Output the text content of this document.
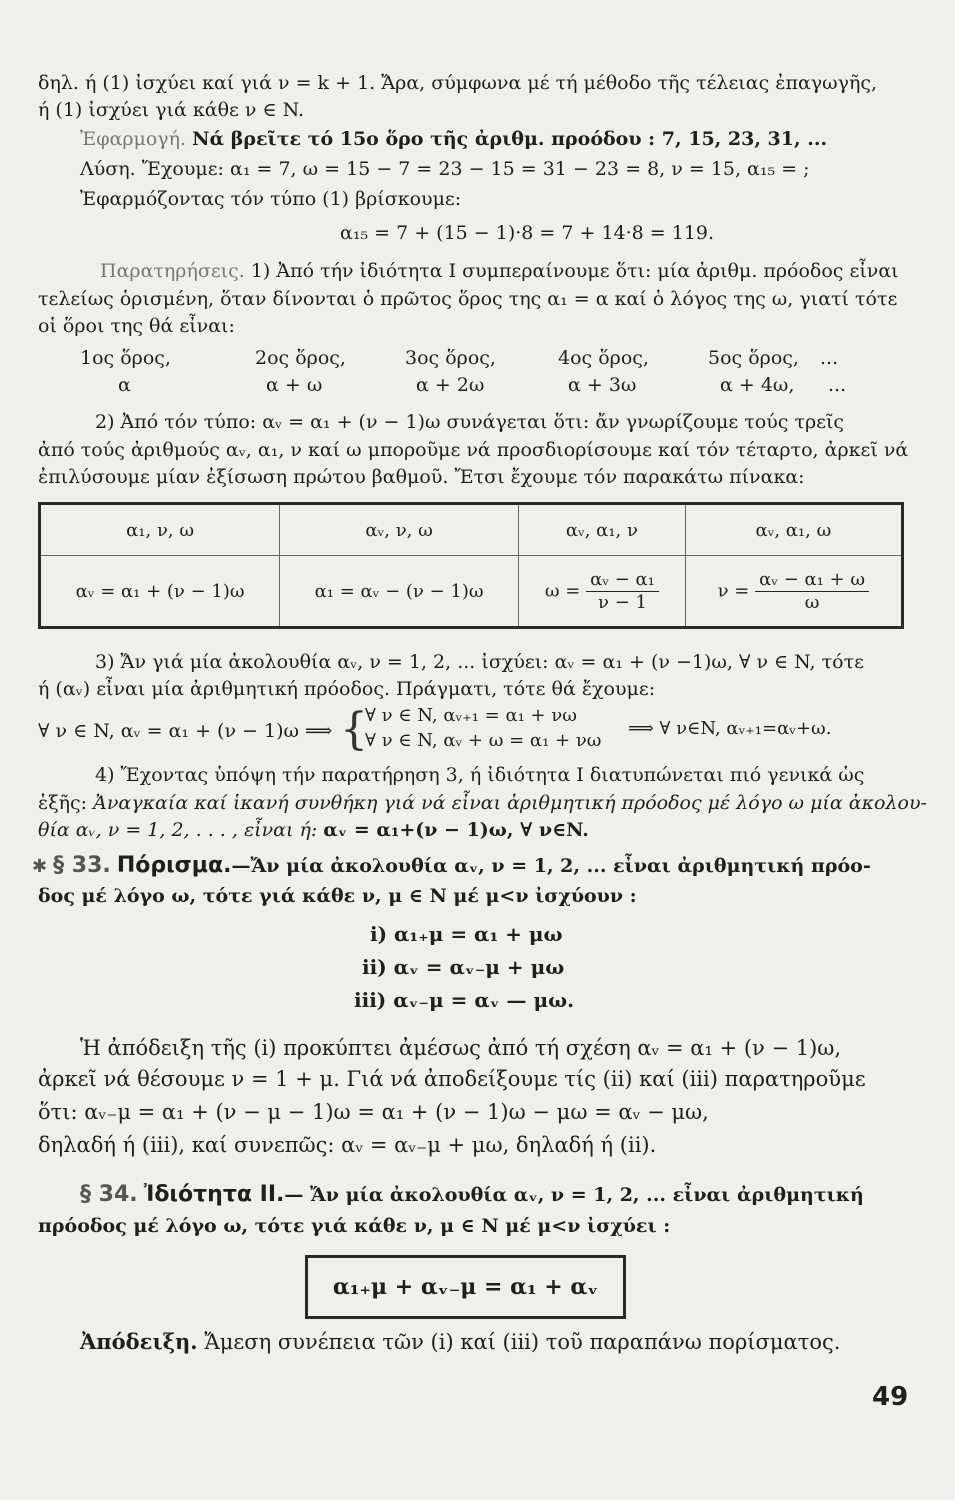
δηλ. ή (1) ἰσχύει καί γιά ν = k + 1. Ἄρα, σύμφωνα μέ τή μέθοδο τῆς τέλειας ἐπαγωγῆς,
ή (1) ἰσχύει γιά κάθε ν ∈ N.
Ἐφαρμογή. Νά βρεῖτε τό 15ο ὅρο τῆς ἀριθμ. προόδου : 7, 15, 23, 31, ...
Λύση. Ἔχουμε: α₁ = 7, ω = 15 − 7 = 23 − 15 = 31 − 23 = 8, ν = 15, α₁₅ = ;
Ἐφαρμόζοντας τόν τύπο (1) βρίσκουμε:
α₁₅ = 7 + (15 − 1)·8 = 7 + 14·8 = 119.
Παρατηρήσεις. 1) Ἀπό τήν ἰδιότητα I συμπεραίνουμε ὅτι: μία ἀριθμ. πρόοδος εἶναι
τελείως ὁρισμένη, ὅταν δίνονται ὁ πρῶτος ὅρος της α₁ = α καί ὁ λόγος της ω, γιατί τότε
οἱ ὅροι της θά εἶναι:
1ος ὅρος,	2ος ὅρος,	3ος ὅρος,	4ος ὅρος,	5ος ὅρος, ...
α	α + ω	α + 2ω	α + 3ω	α + 4ω, ...
2) Ἀπό τόν τύπο: αᵥ = α₁ + (ν − 1)ω συνάγεται ὅτι: ἄν γνωρίζουμε τούς τρεῖς
ἀπό τούς ἀριθμούς αᵥ, α₁, ν καί ω μποροῦμε νά προσδιορίσουμε καί τόν τέταρτο, ἀρκεῖ νά
ἐπιλύσουμε μίαν ἐξίσωση πρώτου βαθμοῦ. Ἔτσι ἔχουμε τόν παρακάτω πίνακα:
α₁, ν, ω	αᵥ, ν, ω	αᵥ, α₁, ν	αᵥ, α₁, ω
αᵥ = α₁ + (ν − 1)ω	α₁ = αᵥ − (ν − 1)ω	$\omega = \frac{\text{αᵥ − α₁}}{\nu - 1}$	$\nu = \frac{\text{αᵥ − α₁ + ω}}{\omega}$
3) Ἄν γιά μία ἀκολουθία αᵥ, ν = 1, 2, ... ἰσχύει: αᵥ = α₁ + (ν −1)ω, ∀ ν ∈ N, τότε
ή (αᵥ) εἶναι μία ἀριθμητική πρόοδος. Πράγματι, τότε θά ἔχουμε:
∀ ν ∈ N, αᵥ = α₁ + (ν − 1)ω ⟹ {
∀ ν ∈ N, αᵥ₊₁ = α₁ + νω
∀ ν ∈ N, αᵥ + ω = α₁ + νω
⟹ ∀ ν∈N, αᵥ₊₁=αᵥ+ω.
4) Ἔχοντας ὑπόψη τήν παρατήρηση 3, ή ἰδιότητα I διατυπώνεται πιό γενικά ὡς
ἑξῆς: Ἀναγκαία καί ἱκανή συνθήκη γιά νά εἶναι ἀριθμητική πρόοδος μέ λόγο ω μία ἀκολου-
θία αᵥ, ν = 1, 2, . . . , εἶναι ή: αᵥ = α₁+(ν − 1)ω, ∀ ν∈N.
✱ § 33. Πόρισμα.—Ἄν μία ἀκολουθία αᵥ, ν = 1, 2, ... εἶναι ἀριθμητική πρόο-
δος μέ λόγο ω, τότε γιά κάθε ν, μ ∈ N μέ μ<ν ἰσχύουν :
i) α₁₊μ = α₁ + μω
ii) αᵥ = αᵥ₋μ + μω
iii) αᵥ₋μ = αᵥ — μω.
Ἡ ἀπόδειξη τῆς (i) προκύπτει ἀμέσως ἀπό τή σχέση αᵥ = α₁ + (ν − 1)ω,
ἀρκεῖ νά θέσουμε ν = 1 + μ. Γιά νά ἀποδείξουμε τίς (ii) καί (iii) παρατηροῦμε
ὅτι: αᵥ₋μ = α₁ + (ν − μ − 1)ω = α₁ + (ν − 1)ω − μω = αᵥ − μω,
δηλαδή ή (iii), καί συνεπῶς: αᵥ = αᵥ₋μ + μω, δηλαδή ή (ii).
§ 34. Ἰδιότητα II.— Ἄν μία ἀκολουθία αᵥ, ν = 1, 2, ... εἶναι ἀριθμητική
πρόοδος μέ λόγο ω, τότε γιά κάθε ν, μ ∈ N μέ μ<ν ἰσχύει :
α₁₊μ + αᵥ₋μ = α₁ + αᵥ
Ἀπόδειξη. Ἄμεση συνέπεια τῶν (i) καί (iii) τοῦ παραπάνω πορίσματος.
49
